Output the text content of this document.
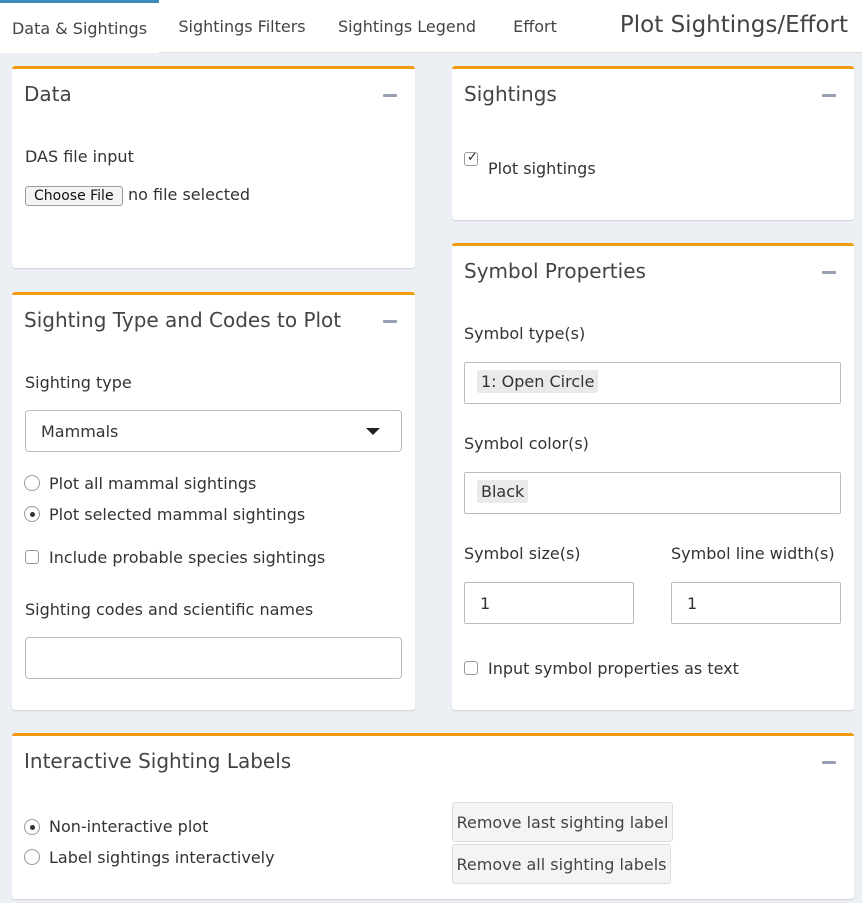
Data & Sightings	Sightings Filters	Sightings Legend	Effort	Plot Sightings/Effort
Data
DAS file input
Choose File no file selected
Sightings
✓
Plot sightings
Sighting Type and Codes to Plot
Sighting type
Mammals
Plot all mammal sightings
Plot selected mammal sightings
Include probable species sightings
Sighting codes and scientific names
Symbol Properties
Symbol type(s)
1: Open Circle
Symbol color(s)
Black
Symbol size(s)	Symbol line width(s)
1	1
Input symbol properties as text
Interactive Sighting Labels
Non-interactive plot
Label sightings interactively
Remove last sighting label
Remove all sighting labels
